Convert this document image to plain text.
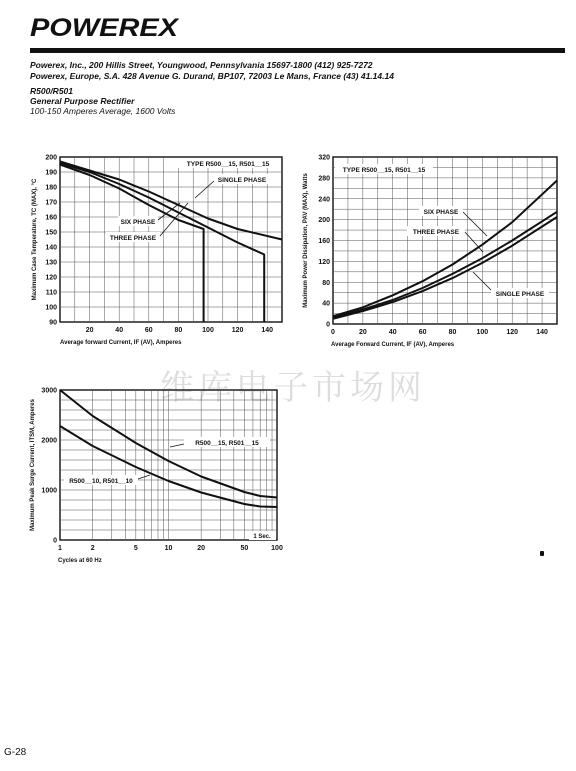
POWEREX
Powerex, Inc., 200 Hillis Street, Youngwood, Pennsylvania 15697-1800 (412) 925-7272
Powerex, Europe, S.A. 428 Avenue G. Durand, BP107, 72003 Le Mans, France (43) 41.14.14
R500/R501
General Purpose Rectifier
100-150 Amperes Average, 1600 Volts
维库电子市场网
20	40	60	80	100	120	140
90
100
110
120
130
140
150
160
170
180
190
200
Average forward Current, IF (AV), Amperes
Maximum Case Temperature, TC (MAX), °C
TYPE R500__15, R501__15
SINGLE PHASE
SIX PHASE
THREE PHASE
0	20	40	60	80	100	120	140
0
40
80
120
160
200
240
280
320
Average Forward Current, IF (AV), Amperes
Maximum Power Dissipation, PAV (MAX), Watts
TYPE R500__15, R501__15
SIX PHASE
THREE PHASE
SINGLE PHASE
1	2	5	10	20	50	100
0
1000
2000
3000
Cycles at 60 Hz
Maximum Peak Surge Current, ITSM, Amperes	R500__15, R501__15
R500__10, R501__10
1 Sec.
G-28
